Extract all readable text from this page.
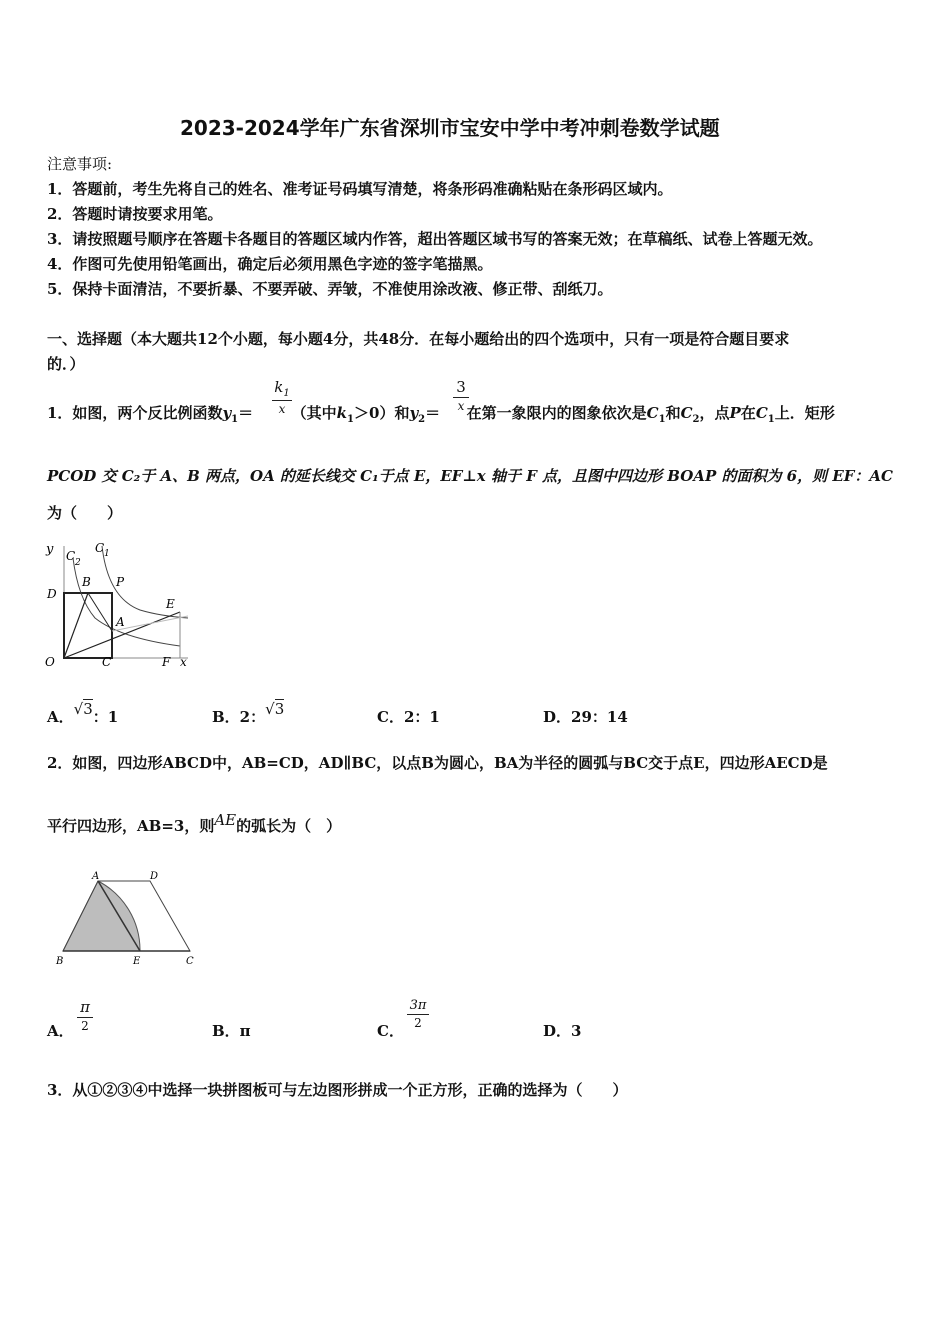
2023-2024学年广东省深圳市宝安中学中考冲刺卷数学试题
注意事项:
1．答题前，考生先将自己的姓名、准考证号码填写清楚，将条形码准确粘贴在条形码区域内。
2．答题时请按要求用笔。
3．请按照题号顺序在答题卡各题目的答题区域内作答，超出答题区域书写的答案无效；在草稿纸、试卷上答题无效。
4．作图可先使用铅笔画出，确定后必须用黑色字迹的签字笔描黑。
5．保持卡面清洁，不要折暴、不要弄破、弄皱，不准使用涂改液、修正带、刮纸刀。
一、选择题（本大题共12个小题，每小题4分，共48分．在每小题给出的四个选项中，只有一项是符合题目要求
的．）
1．如图，两个反比例函数$y_1=$	（其中$k_1>0$）和$y_2=$ 在第一象限内的图象依次是$C_1$和$C_2$，点P在$C_1$上．矩形
$k_1$
x
3
x
PCOD 交 C₂于 A、B 两点，OA 的延长线交 C₁于点 E，EF⊥x 轴于 F 点，且图中四边形 BOAP 的面积为 6，则 EF：AC
为（　　）
y C 2
C 1
B P
D
E
A
O	C	F x
A．√3：1	B．2：√3	C．2：1	D．29：14
2．如图，四边形ABCD中，AB=CD，AD∥BC，以点B为圆心，BA为半径的圆弧与BC交于点E，四边形AECD是
平行四边形，AB=3，则AE的弧长为（　）
A	D
B	E	C
A．
π
2	B．π	C．
3π
2	D．3
3．从①②③④中选择一块拼图板可与左边图形拼成一个正方形，正确的选择为（　　）
